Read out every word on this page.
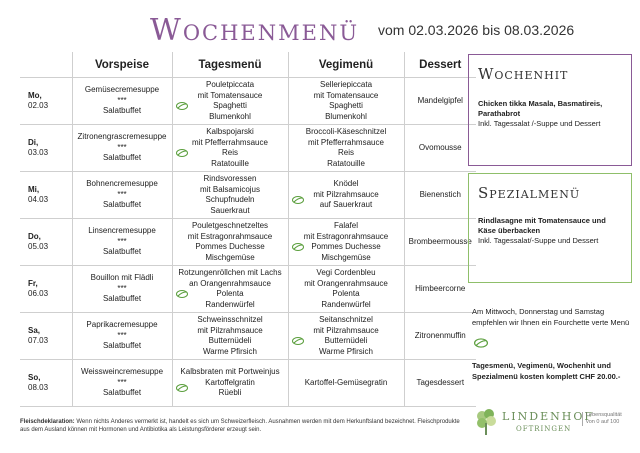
Wochenmenü vom 02.03.2026 bis 08.03.2026
	Vorspeise	Tagesmenü	Vegimenü	Dessert
Mo,
02.03	Gemüsecremesuppe
***
Salatbuffet	Pouletpiccata
mit Tomatensauce
Spaghetti
Blumenkohl	Selleriepiccata
mit Tomatensauce
Spaghetti
Blumenkohl	Mandelgipfel
Di,
03.03	Zitronengrascremesuppe
***
Salatbuffet	Kalbspojarski
mit Pfefferrahmsauce
Reis
Ratatouille	Broccoli-Käseschnitzel
mit Pfefferrahmsauce
Reis
Ratatouille	Ovomousse
Mi,
04.03	Bohnencremesuppe
***
Salatbuffet	Rindsvoressen
mit Balsamicojus
Schupfnudeln
Sauerkraut	Knödel
mit Pilzrahmsauce
auf Sauerkraut	Bienenstich
Do,
05.03	Linsencremesuppe
***
Salatbuffet	Pouletgeschnetzeltes
mit Estragonrahmsauce
Pommes Duchesse
Mischgemüse	Falafel
mit Estragonrahmsauce
Pommes Duchesse
Mischgemüse	Brombeermousse
Fr,
06.03	Bouillon mit Flädli
***
Salatbuffet	Rotzungenröllchen mit Lachs
an Orangenrahmsauce
Polenta
Randenwürfel	Vegi Cordenbleu
mit Orangenrahmsauce
Polenta
Randenwürfel	Himbeercorne
Sa,
07.03	Paprikacremesuppe
***
Salatbuffet	Schweinsschnitzel
mit Pilzrahmsauce
Butternüdeli
Warme Pfirsich	Seitanschnitzel
mit Pilzrahmsauce
Butternüdeli
Warme Pfirsich	Zitronenmuffin
So,
08.03	Weissweincremesuppe
***
Salatbuffet	Kalbsbraten mit Portweinjus
Kartoffelgratin
Rüebli	Kartoffel-Gemüsegratin	Tagesdessert
Wochenhit
Chicken tikka Masala, Basmatireis, Parathabrot
Inkl. Tagessalat /-Suppe und Dessert
Spezialmenü
Rindlasagne mit Tomatensauce und Käse überbacken
Inkl. Tagessalat/-Suppe und Dessert
Am Mittwoch, Donnerstag und Samstag empfehlen wir Ihnen ein Fourchette verte Menü
Tagesmenü, Vegimenü, Wochenhit und Spezialmenü kosten komplett CHF 20.00.-
Fleischdeklaration: Wenn nichts Anderes vermerkt ist, handelt es sich um Schweizerfleisch. Ausnahmen werden mit dem Herkunftsland bezeichnet. Fleischprodukte aus dem Ausland können mit Hormonen und Antibiotika als Leistungsförderer erzeugt sein.
LINDENHOF
OFTRINGEN
Lebensqualität von 0 auf 100
